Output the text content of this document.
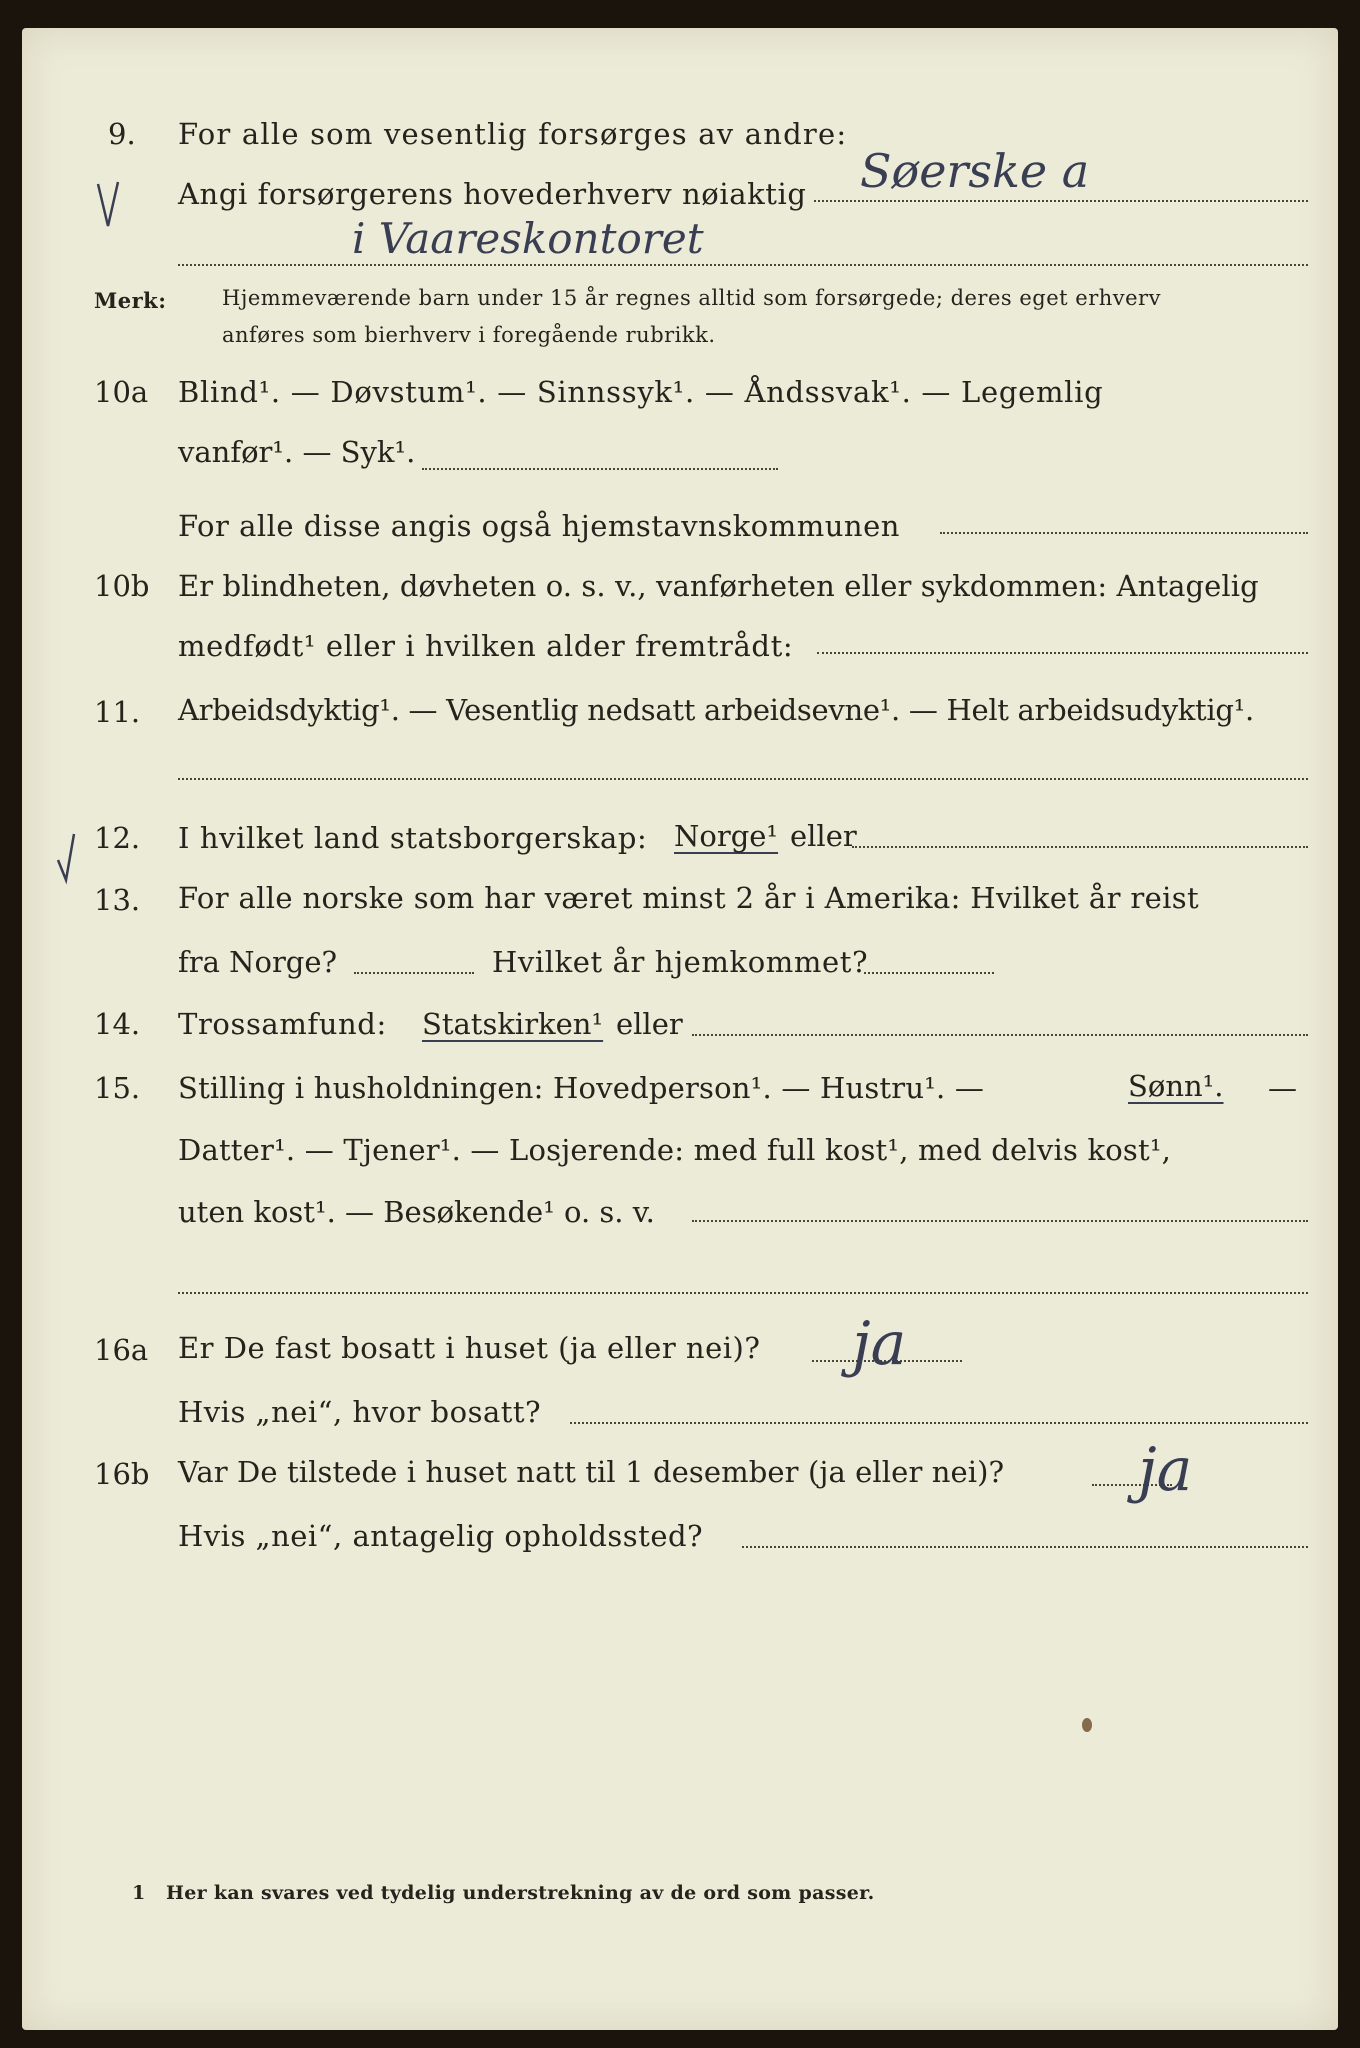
9. For alle som vesentlig forsørges av andre:
Angi forsørgerens hovederhverv nøiaktig Søerske a
i Vaareskontoret
Merk:	Hjemmeværende barn under 15 år regnes alltid som forsørgede; deres eget erhverv
anføres som bierhverv i foregående rubrikk.
10a Blind¹. — Døvstum¹. — Sinnssyk¹. — Åndssvak¹. — Legemlig
vanfør¹. — Syk¹.
For alle disse angis også hjemstavnskommunen
10b Er blindheten, døvheten o. s. v., vanførheten eller sykdommen: Antagelig
medfødt¹ eller i hvilken alder fremtrådt:
11. Arbeidsdyktig¹. — Vesentlig nedsatt arbeidsevne¹. — Helt arbeidsudyktig¹.
12. I hvilket land statsborgerskap: Norge¹ eller
13. For alle norske som har været minst 2 år i Amerika: Hvilket år reist
fra Norge?	Hvilket år hjemkommet?
14. Trossamfund: Statskirken¹ eller
15. Stilling i husholdningen: Hovedperson¹. — Hustru¹. —	Sønn¹. —
Datter¹. — Tjener¹. — Losjerende: med full kost¹, med delvis kost¹,
uten kost¹. — Besøkende¹ o. s. v.
16a Er De fast bosatt i huset (ja eller nei)? ja
Hvis „nei“, hvor bosatt?
16b Var De tilstede i huset natt til 1 desember (ja eller nei)? ja
Hvis „nei“, antagelig opholdssted?
1 Her kan svares ved tydelig understrekning av de ord som passer.
